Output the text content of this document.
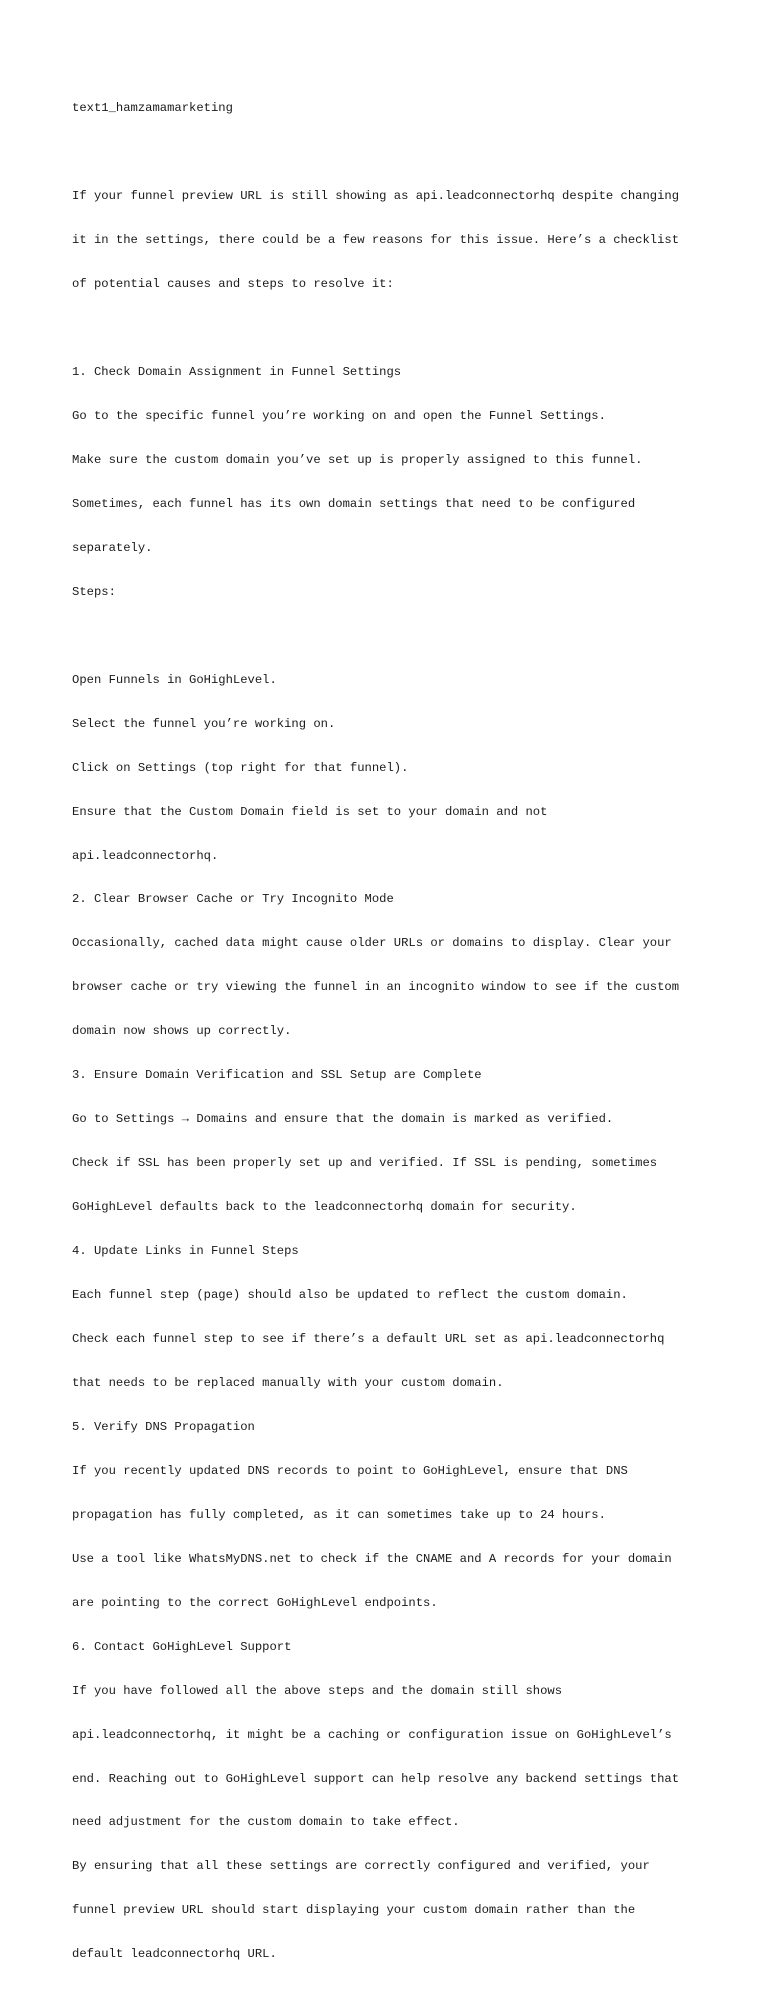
text1_hamzamamarketing

If your funnel preview URL is still showing as api.leadconnectorhq despite changing

it in the settings, there could be a few reasons for this issue. Here’s a checklist

of potential causes and steps to resolve it:

1. Check Domain Assignment in Funnel Settings

Go to the specific funnel you’re working on and open the Funnel Settings.

Make sure the custom domain you’ve set up is properly assigned to this funnel.

Sometimes, each funnel has its own domain settings that need to be configured

separately.

Steps:

Open Funnels in GoHighLevel.

Select the funnel you’re working on.

Click on Settings (top right for that funnel).

Ensure that the Custom Domain field is set to your domain and not

api.leadconnectorhq.

2. Clear Browser Cache or Try Incognito Mode

Occasionally, cached data might cause older URLs or domains to display. Clear your

browser cache or try viewing the funnel in an incognito window to see if the custom

domain now shows up correctly.

3. Ensure Domain Verification and SSL Setup are Complete

Go to Settings → Domains and ensure that the domain is marked as verified.

Check if SSL has been properly set up and verified. If SSL is pending, sometimes

GoHighLevel defaults back to the leadconnectorhq domain for security.

4. Update Links in Funnel Steps

Each funnel step (page) should also be updated to reflect the custom domain.

Check each funnel step to see if there’s a default URL set as api.leadconnectorhq

that needs to be replaced manually with your custom domain.

5. Verify DNS Propagation

If you recently updated DNS records to point to GoHighLevel, ensure that DNS

propagation has fully completed, as it can sometimes take up to 24 hours.

Use a tool like WhatsMyDNS.net to check if the CNAME and A records for your domain

are pointing to the correct GoHighLevel endpoints.

6. Contact GoHighLevel Support

If you have followed all the above steps and the domain still shows

api.leadconnectorhq, it might be a caching or configuration issue on GoHighLevel’s

end. Reaching out to GoHighLevel support can help resolve any backend settings that

need adjustment for the custom domain to take effect.

By ensuring that all these settings are correctly configured and verified, your

funnel preview URL should start displaying your custom domain rather than the

default leadconnectorhq URL.
